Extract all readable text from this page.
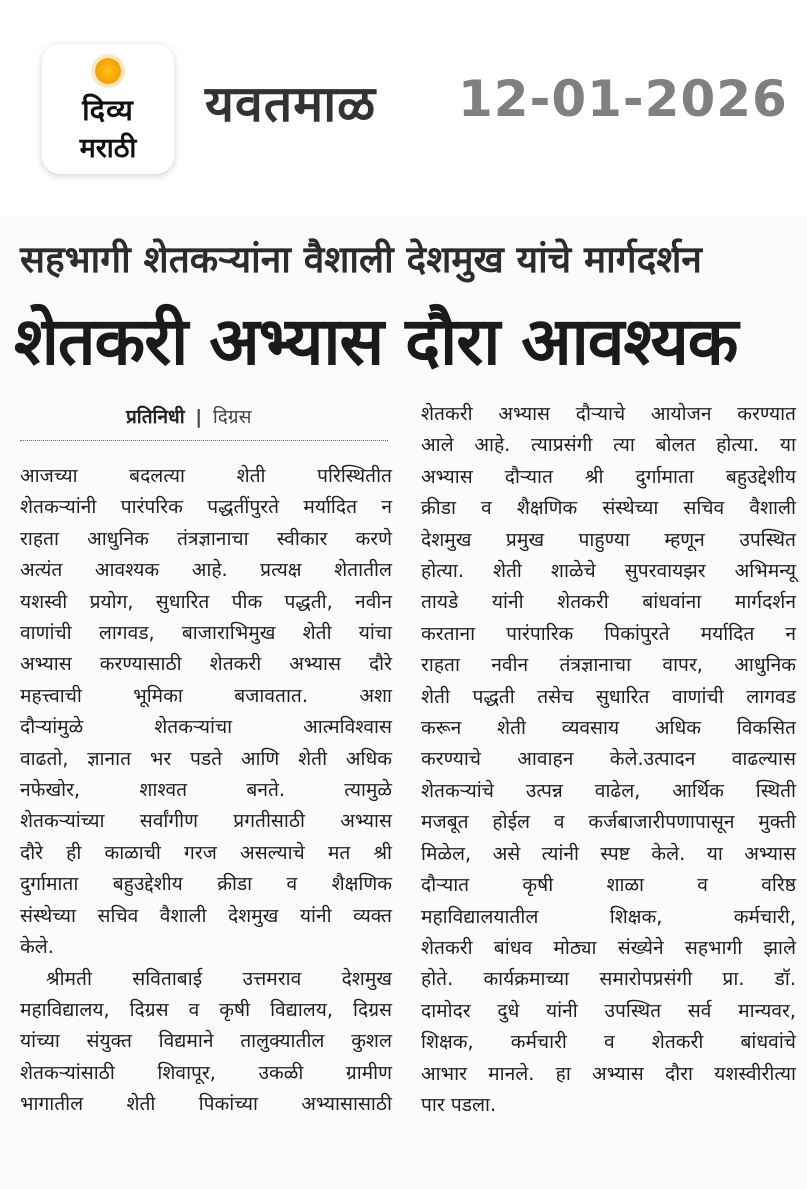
दिव्य
मराठी
यवतमाळ 12-01-2026
सहभागी शेतकऱ्यांना वैशाली देशमुख यांचे मार्गदर्शन
शेतकरी अभ्यास दौरा आवश्यक
प्रतिनिधी | दिग्रस

आजच्या बदलत्या शेती परिस्थितीत
शेतकऱ्यांनी पारंपरिक पद्धतींपुरते मर्यादित न
राहता आधुनिक तंत्रज्ञानाचा स्वीकार करणे
अत्यंत आवश्यक आहे. प्रत्यक्ष शेतातील
यशस्वी प्रयोग, सुधारित पीक पद्धती, नवीन
वाणांची लागवड, बाजाराभिमुख शेती यांचा
अभ्यास करण्यासाठी शेतकरी अभ्यास दौरे
महत्त्वाची भूमिका बजावतात. अशा
दौऱ्यांमुळे शेतकऱ्यांचा आत्मविश्वास
वाढतो, ज्ञानात भर पडते आणि शेती अधिक
नफेखोर, शाश्वत बनते. त्यामुळे
शेतकऱ्यांच्या सर्वांगीण प्रगतीसाठी अभ्यास
दौरे ही काळाची गरज असल्याचे मत श्री
दुर्गामाता बहुउद्देशीय क्रीडा व शैक्षणिक
संस्थेच्या सचिव वैशाली देशमुख यांनी व्यक्त
केले.

श्रीमती सविताबाई उत्तमराव देशमुख
महाविद्यालय, दिग्रस व कृषी विद्यालय, दिग्रस
यांच्या संयुक्त विद्यमाने तालुक्यातील कुशल
शेतकऱ्यांसाठी शिवापूर, उकळी ग्रामीण
भागातील शेती पिकांच्या अभ्यासासाठी

शेतकरी अभ्यास दौऱ्याचे आयोजन करण्यात
आले आहे. त्याप्रसंगी त्या बोलत होत्या. या
अभ्यास दौऱ्यात श्री दुर्गामाता बहुउद्देशीय
क्रीडा व शैक्षणिक संस्थेच्या सचिव वैशाली
देशमुख प्रमुख पाहुण्या म्हणून उपस्थित
होत्या. शेती शाळेचे सुपरवायझर अभिमन्यू
तायडे यांनी शेतकरी बांधवांना मार्गदर्शन
करताना पारंपारिक पिकांपुरते मर्यादित न
राहता नवीन तंत्रज्ञानाचा वापर, आधुनिक
शेती पद्धती तसेच सुधारित वाणांची लागवड
करून शेती व्यवसाय अधिक विकसित
करण्याचे आवाहन केले.उत्पादन वाढल्यास
शेतकऱ्यांचे उत्पन्न वाढेल, आर्थिक स्थिती
मजबूत होईल व कर्जबाजारीपणापासून मुक्ती
मिळेल, असे त्यांनी स्पष्ट केले. या अभ्यास
दौऱ्यात कृषी शाळा व वरिष्ठ
महाविद्यालयातील शिक्षक, कर्मचारी,
शेतकरी बांधव मोठ्या संख्येने सहभागी झाले
होते. कार्यक्रमाच्या समारोपप्रसंगी प्रा. डॉ.
दामोदर दुधे यांनी उपस्थित सर्व मान्यवर,
शिक्षक, कर्मचारी व शेतकरी बांधवांचे
आभार मानले. हा अभ्यास दौरा यशस्वीरीत्या
पार पडला.
